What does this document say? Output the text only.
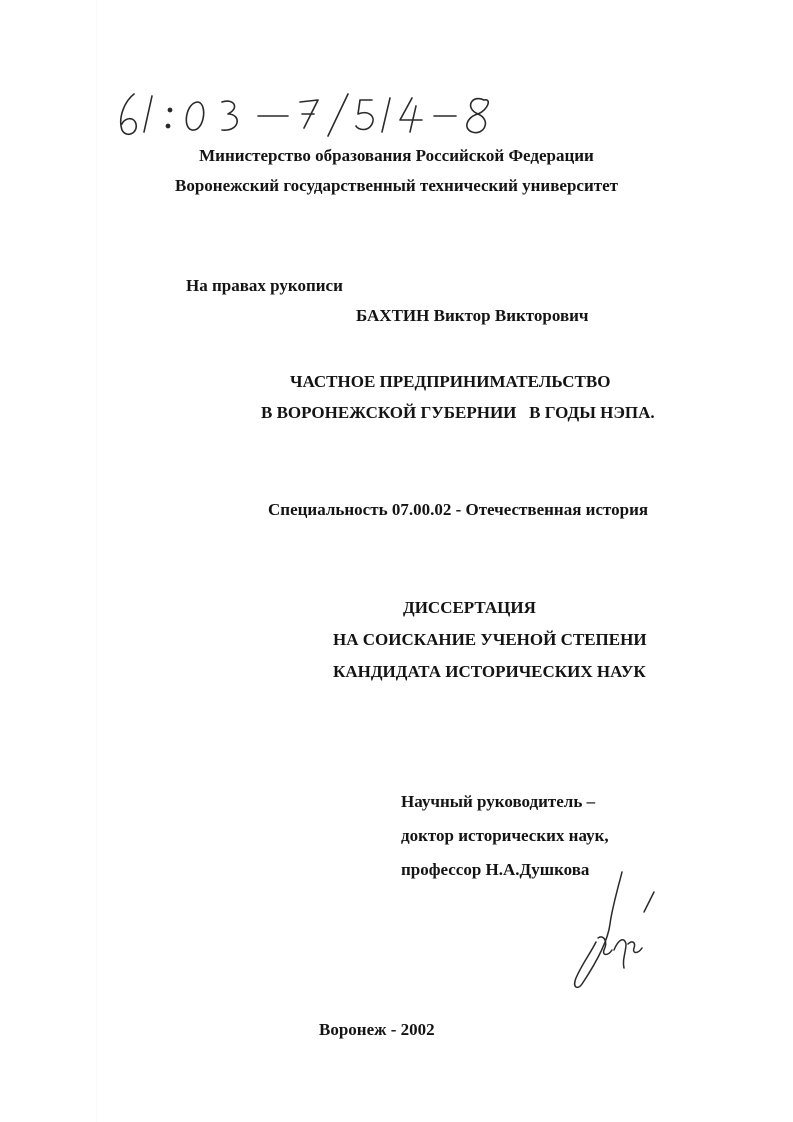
Министерство образования Российской Федерации

Воронежский государственный технический университет

На правах рукописи

БАХТИН Виктор Викторович

ЧАСТНОЕ ПРЕДПРИНИМАТЕЛЬСТВО

В ВОРОНЕЖСКОЙ ГУБЕРНИИ   В ГОДЫ НЭПА.

Специальность 07.00.02 - Отечественная история

ДИССЕРТАЦИЯ

НА СОИСКАНИЕ УЧЕНОЙ СТЕПЕНИ

КАНДИДАТА ИСТОРИЧЕСКИХ НАУК

Научный руководитель –

доктор исторических наук,

профессор Н.А.Душкова

Воронеж - 2002
